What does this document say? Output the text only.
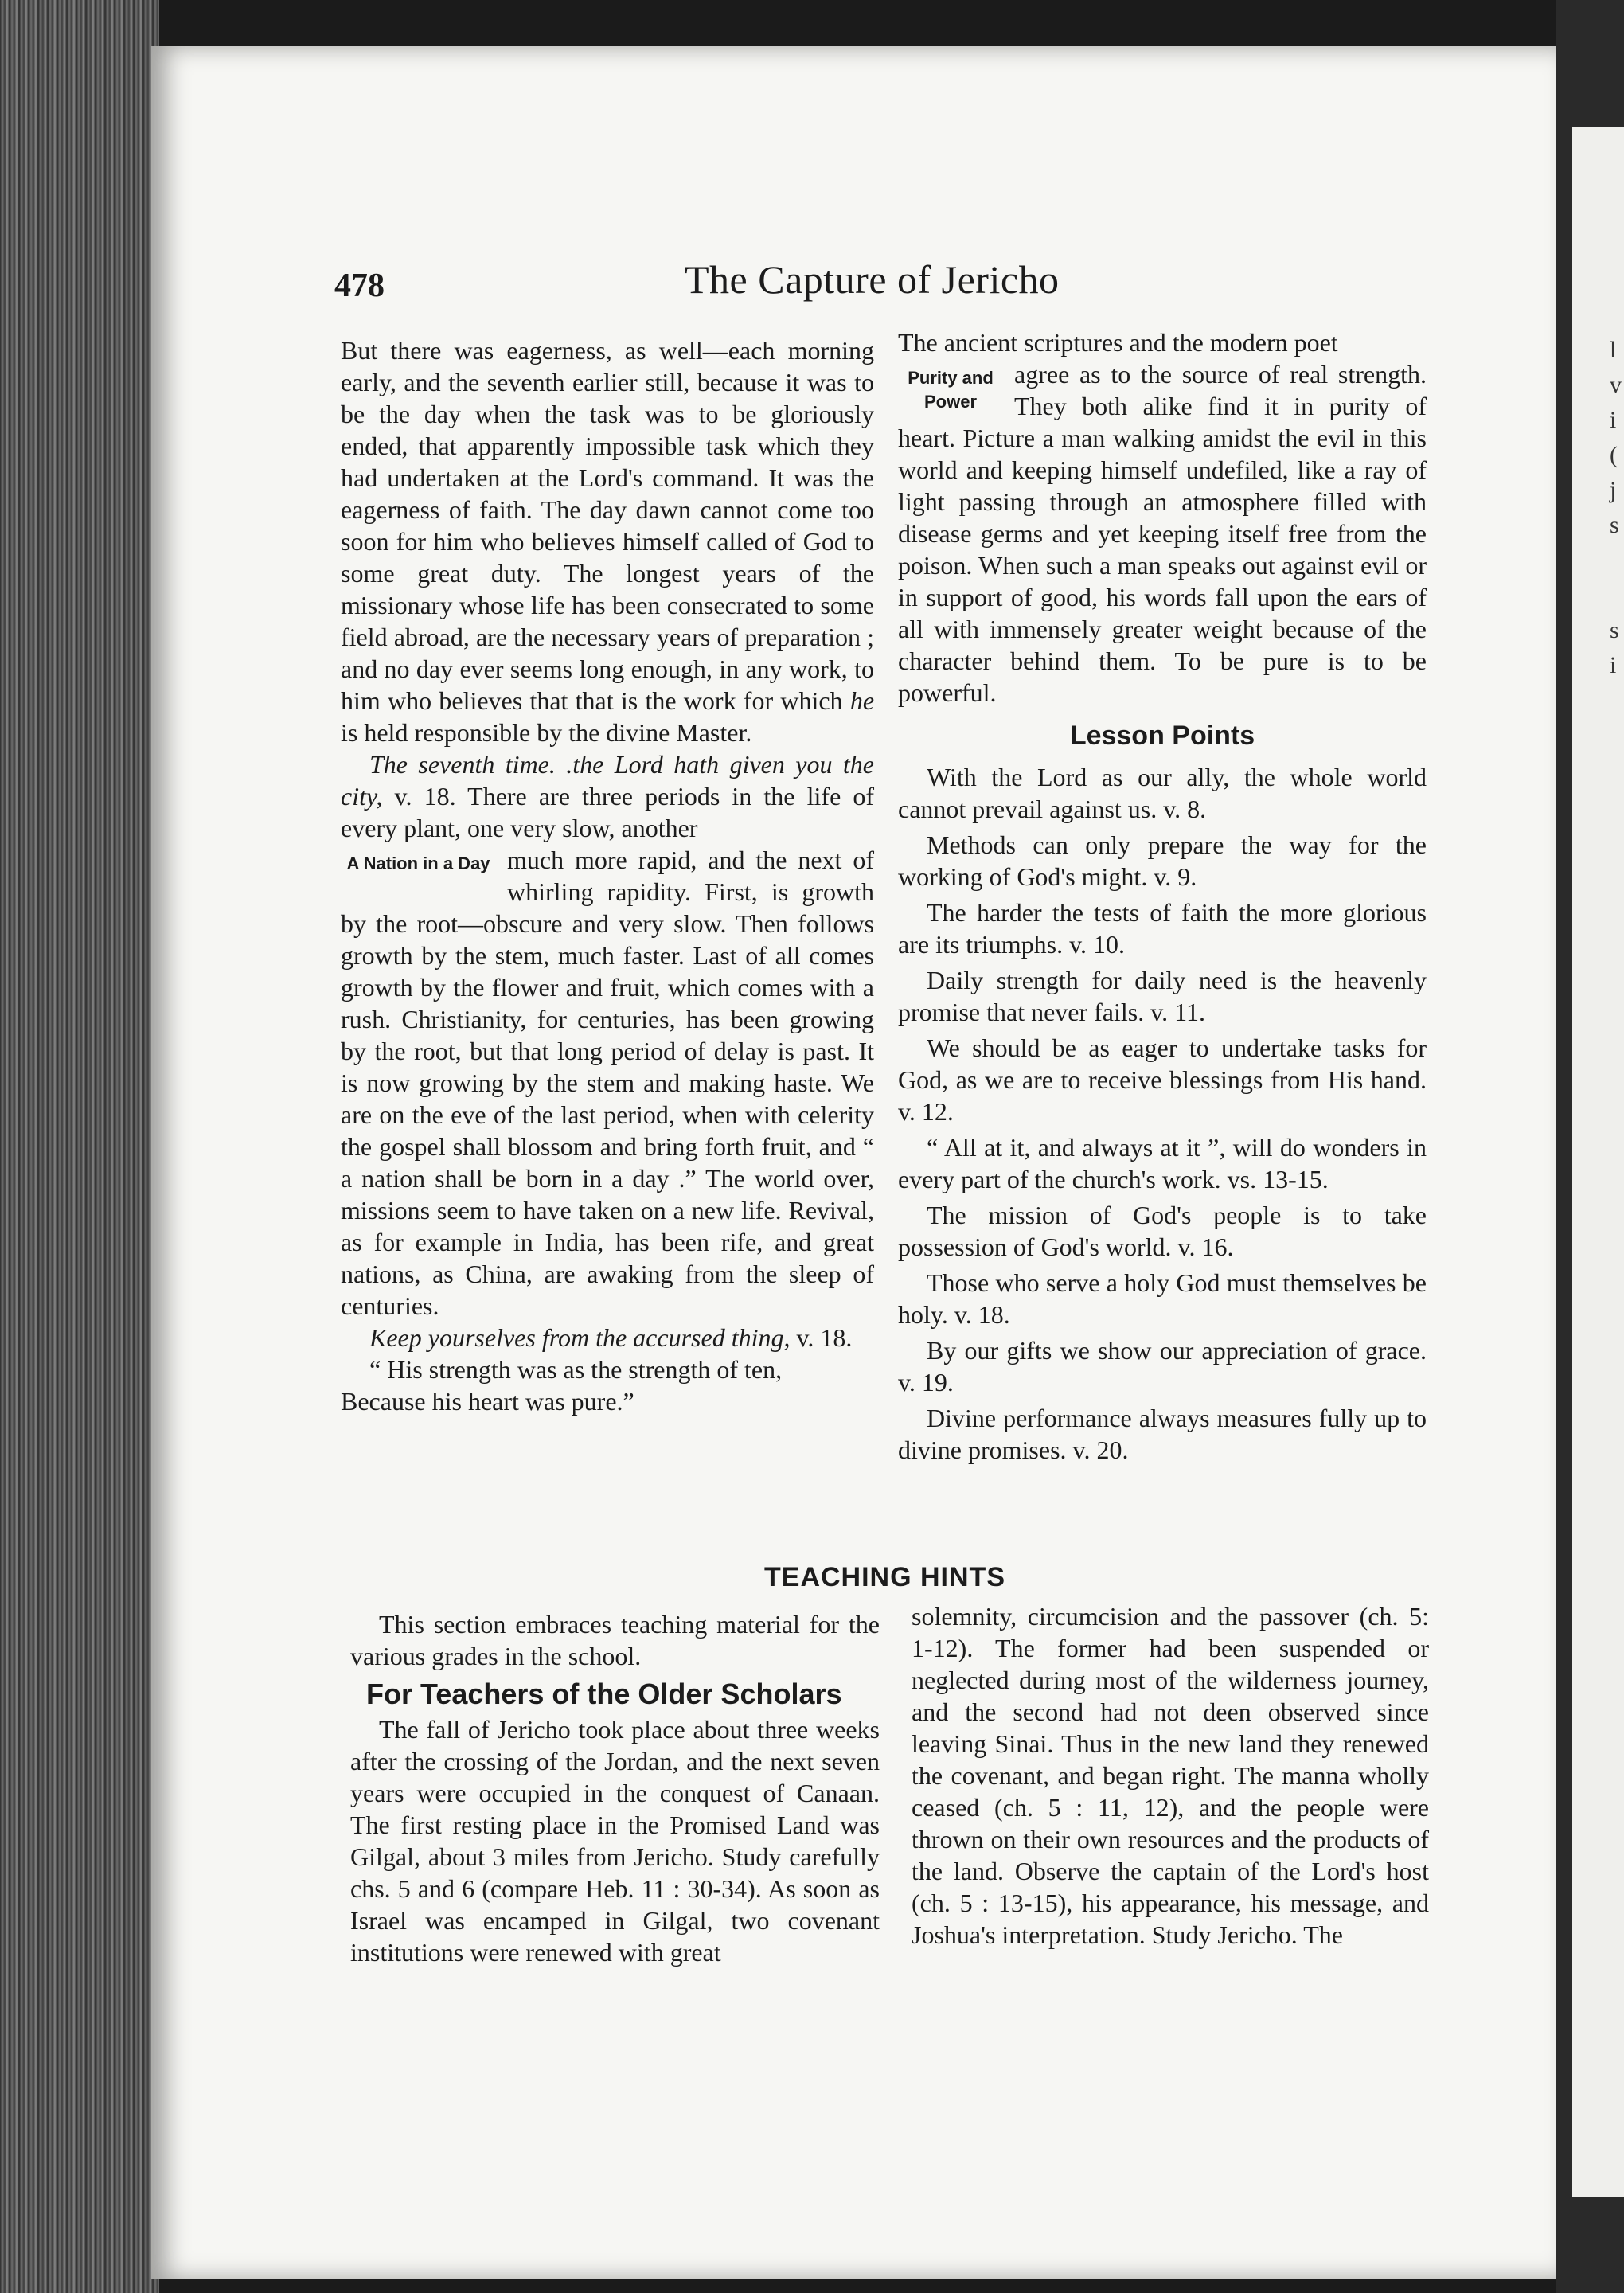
l
v
i
(
j
s

s
i
478	The Capture of Jericho

But there was eagerness, as well—each morning early, and the seventh earlier still, because it was to be the day when the task was to be gloriously ended, that apparently impossible task which they had undertaken at the Lord's command. It was the eagerness of faith. The day dawn cannot come too soon for him who believes himself called of God to some great duty. The longest years of the missionary whose life has been consecrated to some field abroad, are the necessary years of preparation ; and no day ever seems long enough, in any work, to him who believes that that is the work for which he is held responsible by the divine Master.

The seventh time. .the Lord hath given you the city, v. 18. There are three periods in the life of every plant, one very slow, another

A Nation in a Day much more rapid, and the next of whirling rapidity. First, is growth by the root—obscure and very slow. Then follows growth by the stem, much faster. Last of all comes growth by the flower and fruit, which comes with a rush. Christianity, for centuries, has been growing by the root, but that long period of delay is past. It is now growing by the stem and making haste. We are on the eve of the last period, when with celerity the gospel shall blossom and bring forth fruit, and “ a nation shall be born in a day .” The world over, missions seem to have taken on a new life. Revival, as for example in India, has been rife, and great nations, as China, are awaking from the sleep of centuries.

Keep yourselves from the accursed thing, v. 18.

“ His strength was as the strength of ten,

Because his heart was pure.”

The ancient scriptures and the modern poet

Purity and Power

agree as to the source of real strength. They both alike find it in purity of heart. Picture a man walking amidst the evil in this world and keeping himself undefiled, like a ray of light passing through an atmosphere filled with disease germs and yet keeping itself free from the poison. When such a man speaks out against evil or in support of good, his words fall upon the ears of all with immensely greater weight because of the character behind them. To be pure is to be powerful.

Lesson Points

With the Lord as our ally, the whole world cannot prevail against us. v. 8.

Methods can only prepare the way for the working of God's might. v. 9.

The harder the tests of faith the more glorious are its triumphs. v. 10.

Daily strength for daily need is the heavenly promise that never fails. v. 11.

We should be as eager to undertake tasks for God, as we are to receive blessings from His hand. v. 12.

“ All at it, and always at it ”, will do wonders in every part of the church's work. vs. 13-15.

The mission of God's people is to take possession of God's world. v. 16.

Those who serve a holy God must themselves be holy. v. 18.

By our gifts we show our appreciation of grace. v. 19.

Divine performance always measures fully up to divine promises. v. 20.

TEACHING HINTS

This section embraces teaching material for the various grades in the school.

For Teachers of the Older Scholars

The fall of Jericho took place about three weeks after the crossing of the Jordan, and the next seven years were occupied in the conquest of Canaan. The first resting place in the Promised Land was Gilgal, about 3 miles from Jericho. Study carefully chs. 5 and 6 (compare Heb. 11 : 30-34). As soon as Israel was encamped in Gilgal, two covenant institutions were renewed with great

solemnity, circumcision and the passover (ch. 5: 1-12). The former had been suspended or neglected during most of the wilderness journey, and the second had not deen observed since leaving Sinai. Thus in the new land they renewed the covenant, and began right. The manna wholly ceased (ch. 5 : 11, 12), and the people were thrown on their own resources and the products of the land. Observe the captain of the Lord's host (ch. 5 : 13-15), his appearance, his message, and Joshua's interpretation. Study Jericho. The
